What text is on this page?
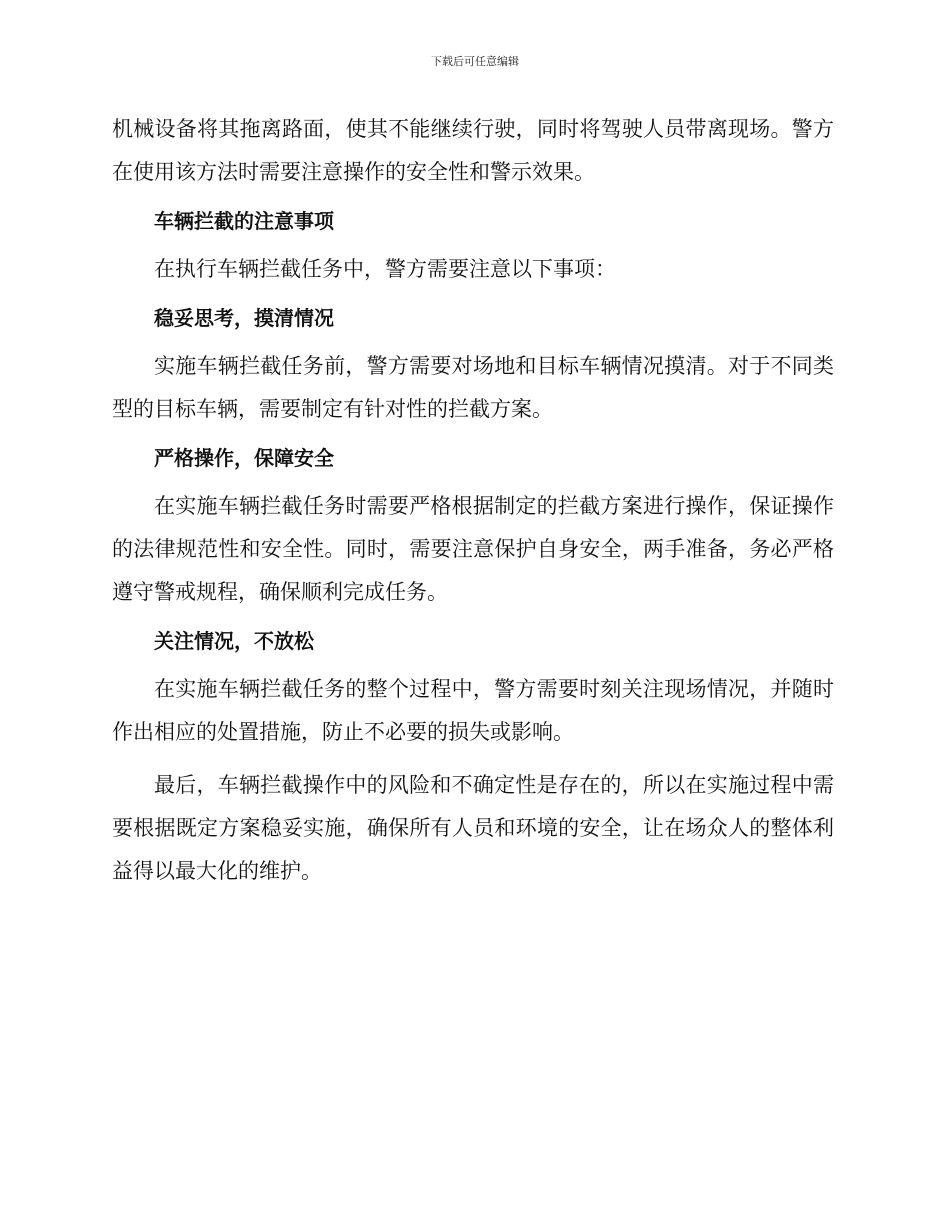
下载后可任意编辑

机械设备将其拖离路面，使其不能继续行驶，同时将驾驶人员带离现场。警方在使用该方法时需要注意操作的安全性和警示效果。

车辆拦截的注意事项

在执行车辆拦截任务中，警方需要注意以下事项：

稳妥思考，摸清情况

实施车辆拦截任务前，警方需要对场地和目标车辆情况摸清。对于不同类型的目标车辆，需要制定有针对性的拦截方案。

严格操作，保障安全

在实施车辆拦截任务时需要严格根据制定的拦截方案进行操作，保证操作的法律规范性和安全性。同时，需要注意保护自身安全，两手准备，务必严格遵守警戒规程，确保顺利完成任务。

关注情况，不放松

在实施车辆拦截任务的整个过程中，警方需要时刻关注现场情况，并随时作出相应的处置措施，防止不必要的损失或影响。

最后，车辆拦截操作中的风险和不确定性是存在的，所以在实施过程中需要根据既定方案稳妥实施，确保所有人员和环境的安全，让在场众人的整体利益得以最大化的维护。
